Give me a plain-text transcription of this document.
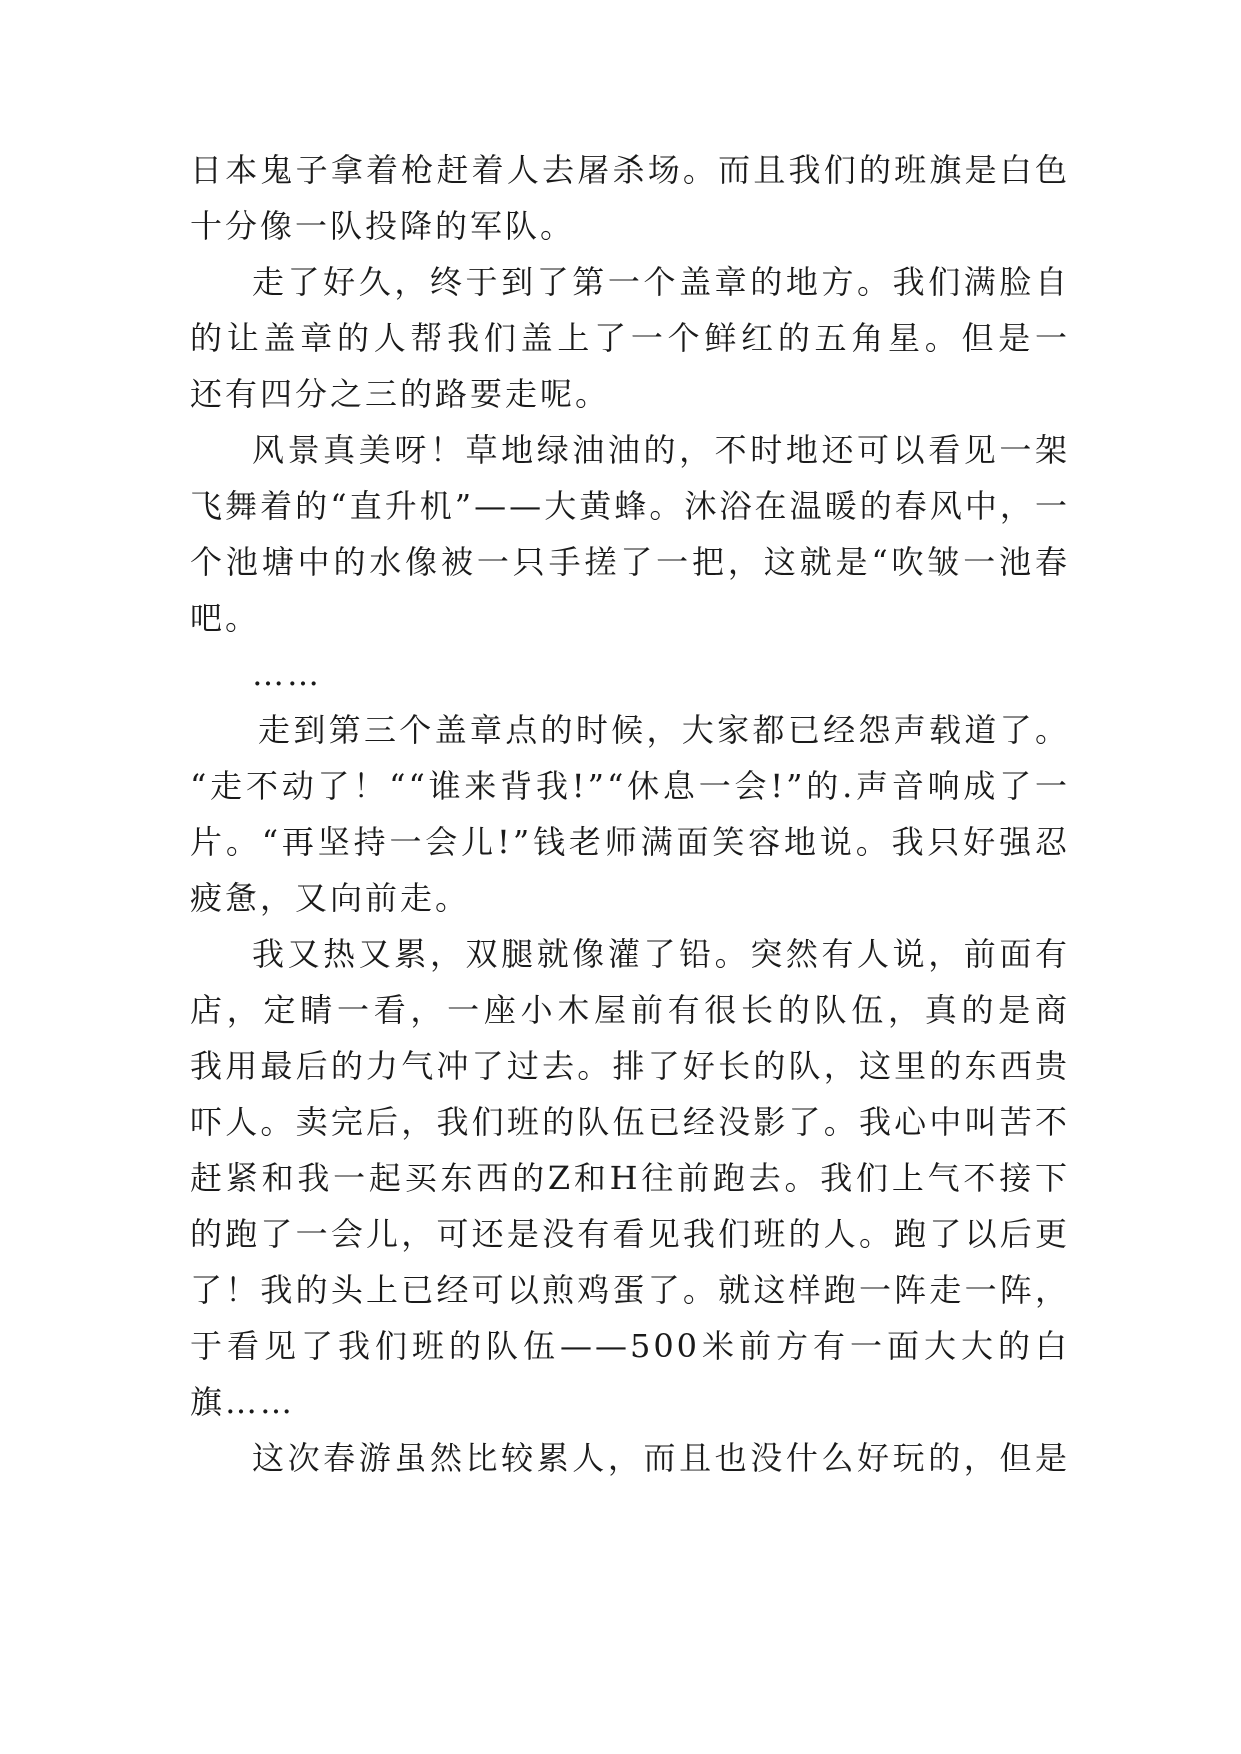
日本鬼子拿着枪赶着人去屠杀场。而且我们的班旗是白色
十分像一队投降的军队。
走了好久，终于到了第一个盖章的地方。我们满脸自
的让盖章的人帮我们盖上了一个鲜红的五角星。但是一
还有四分之三的路要走呢。
风景真美呀！草地绿油油的，不时地还可以看见一架
飞舞着的“直升机”——大黄蜂。沐浴在温暖的春风中，一
个池塘中的水像被一只手搓了一把，这就是“吹皱一池春
吧。
……
走到第三个盖章点的时候，大家都已经怨声载道了。
“走不动了！““谁来背我!”“休息一会!”的.声音响成了一
片。“再坚持一会儿!”钱老师满面笑容地说。我只好强忍
疲惫，又向前走。
我又热又累，双腿就像灌了铅。突然有人说，前面有
店，定睛一看，一座小木屋前有很长的队伍，真的是商
我用最后的力气冲了过去。排了好长的队，这里的东西贵
吓人。卖完后，我们班的队伍已经没影了。我心中叫苦不
赶紧和我一起买东西的Z和H往前跑去。我们上气不接下
的跑了一会儿，可还是没有看见我们班的人。跑了以后更
了！我的头上已经可以煎鸡蛋了。就这样跑一阵走一阵，
于看见了我们班的队伍——500米前方有一面大大的白
旗……
这次春游虽然比较累人，而且也没什么好玩的，但是
